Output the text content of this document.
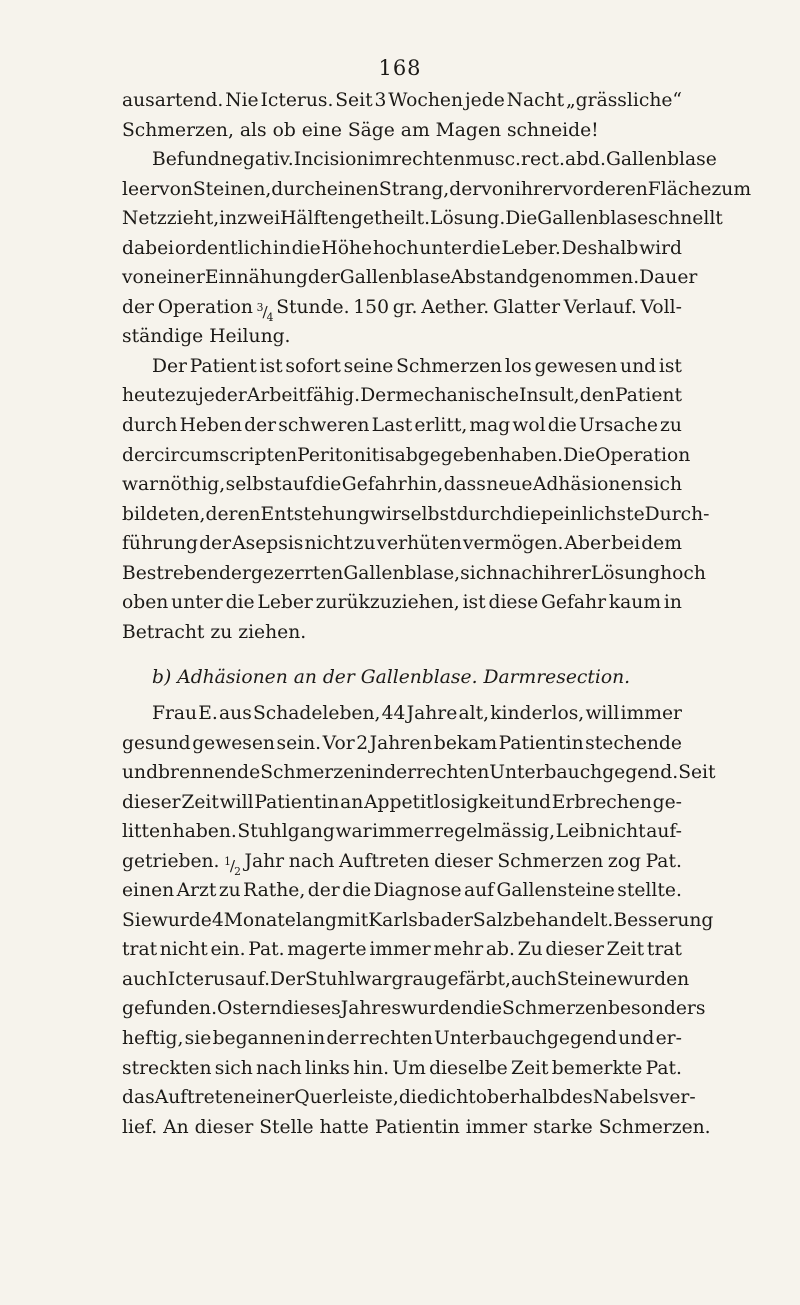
168
ausartend. Nie Icterus. Seit 3 Wochen jede Nacht „grässliche“
Schmerzen, als ob eine Säge am Magen schneide!
Befund negativ. Incision im rechten musc. rect. abd. Gallenblase
leer von Steinen, durch einen Strang, der von ihrer vorderen Fläche zum
Netz zieht, in zwei Hälften getheilt. Lösung. Die Gallenblase schnellt
dabei ordentlich in die Höhe hoch unter die Leber. Deshalb wird
von einer Einnähung der Gallenblase Abstand genommen. Dauer
der Operation $^3/_4$ Stunde. 150 gr. Aether. Glatter Verlauf. Voll-
ständige Heilung.
Der Patient ist sofort seine Schmerzen los gewesen und ist
heute zu jeder Arbeit fähig. Der mechanische Insult, den Patient
durch Heben der schweren Last erlitt, mag wol die Ursache zu
der circumscripten Peritonitis abgegeben haben. Die Operation
war nöthig, selbst auf die Gefahr hin, dass neue Adhäsionen sich
bildeten, deren Entstehung wir selbst durch die peinlichste Durch-
führung der Asepsis nicht zu verhüten vermögen. Aber bei dem
Bestreben der gezerrten Gallenblase, sich nach ihrer Lösung hoch
oben unter die Leber zurükzuziehen, ist diese Gefahr kaum in
Betracht zu ziehen.
b) Adhäsionen an der Gallenblase. Darmresection.
Frau E. aus Schadeleben, 44 Jahre alt, kinderlos, will immer
gesund gewesen sein. Vor 2 Jahren bekam Patientin stechende
und brennende Schmerzen in der rechten Unterbauchgegend. Seit
dieser Zeit will Patientin an Appetitlosigkeit und Erbrechen ge-
litten haben. Stuhlgang war immer regelmässig, Leib nicht auf-
getrieben. $^1/_2$ Jahr nach Auftreten dieser Schmerzen zog Pat.
einen Arzt zu Rathe, der die Diagnose auf Gallensteine stellte.
Sie wurde 4 Monate lang mit Karlsbader Salz behandelt. Besserung
trat nicht ein. Pat. magerte immer mehr ab. Zu dieser Zeit trat
auch Icterus auf. Der Stuhl war grau gefärbt, auch Steine wurden
gefunden. Ostern dieses Jahres wurden die Schmerzen besonders
heftig, sie begannen in der rechten Unterbauchgegend und er-
streckten sich nach links hin. Um dieselbe Zeit bemerkte Pat.
das Auftreten einer Querleiste, die dicht oberhalb des Nabels ver-
lief. An dieser Stelle hatte Patientin immer starke Schmerzen.
